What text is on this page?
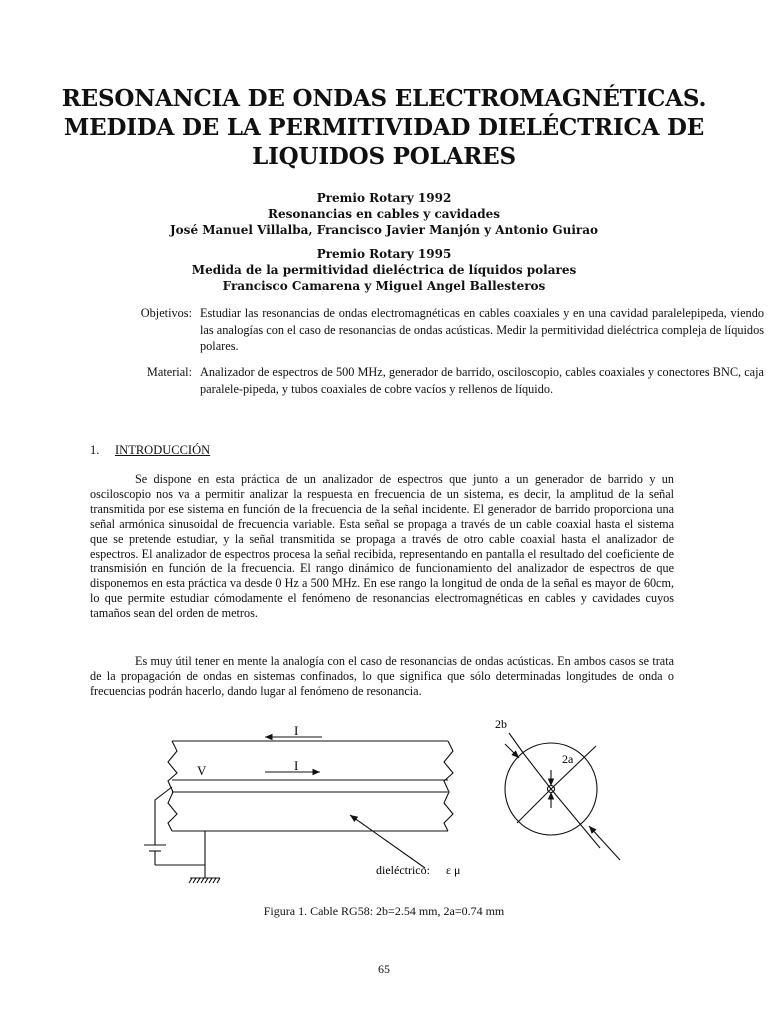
RESONANCIA DE ONDAS ELECTROMAGNÉTICAS.
MEDIDA DE LA PERMITIVIDAD DIELÉCTRICA DE
LIQUIDOS POLARES
Premio Rotary 1992
Resonancias en cables y cavidades
José Manuel Villalba, Francisco Javier Manjón y Antonio Guirao
Premio Rotary 1995
Medida de la permitividad dieléctrica de líquidos polares
Francisco Camarena y Miguel Angel Ballesteros
Objetivos: Estudiar las resonancias de ondas electromagnéticas en cables coaxiales y en una cavidad paralelepipeda, viendo las analogías con el caso de resonancias de ondas acústicas. Medir la permitividad dieléctrica compleja de líquidos polares.
Material: Analizador de espectros de 500 MHz, generador de barrido, osciloscopio, cables coaxiales y conectores BNC, caja paralele-pipeda, y tubos coaxiales de cobre vacíos y rellenos de líquido.
1. INTRODUCCIÓN
Se dispone en esta práctica de un analizador de espectros que junto a un generador de barrido y un osciloscopio nos va a permitir analizar la respuesta en frecuencia de un sistema, es decir, la amplitud de la señal transmitida por ese sistema en función de la frecuencia de la señal incidente. El generador de barrido proporciona una señal armónica sinusoidal de frecuencia variable. Esta señal se propaga a través de un cable coaxial hasta el sistema que se pretende estudiar, y la señal transmitida se propaga a través de otro cable coaxial hasta el analizador de espectros. El analizador de espectros procesa la señal recibida, representando en pantalla el resultado del coeficiente de transmisión en función de la frecuencia. El rango dinámico de funcionamiento del analizador de espectros de que disponemos en esta práctica va desde 0 Hz a 500 MHz. En ese rango la longitud de onda de la señal es mayor de 60cm, lo que permite estudiar cómodamente el fenómeno de resonancias electromagnéticas en cables y cavidades cuyos tamaños sean del orden de metros.
Es muy útil tener en mente la analogía con el caso de resonancias de ondas acústicas. En ambos casos se trata de la propagación de ondas en sistemas confinados, lo que significa que sólo determinadas longitudes de onda o frecuencias podrán hacerlo, dando lugar al fenómeno de resonancia.
I
I
V
2b
2a
dieléctrico: ε μ
Figura 1. Cable RG58: 2b=2.54 mm, 2a=0.74 mm
65
